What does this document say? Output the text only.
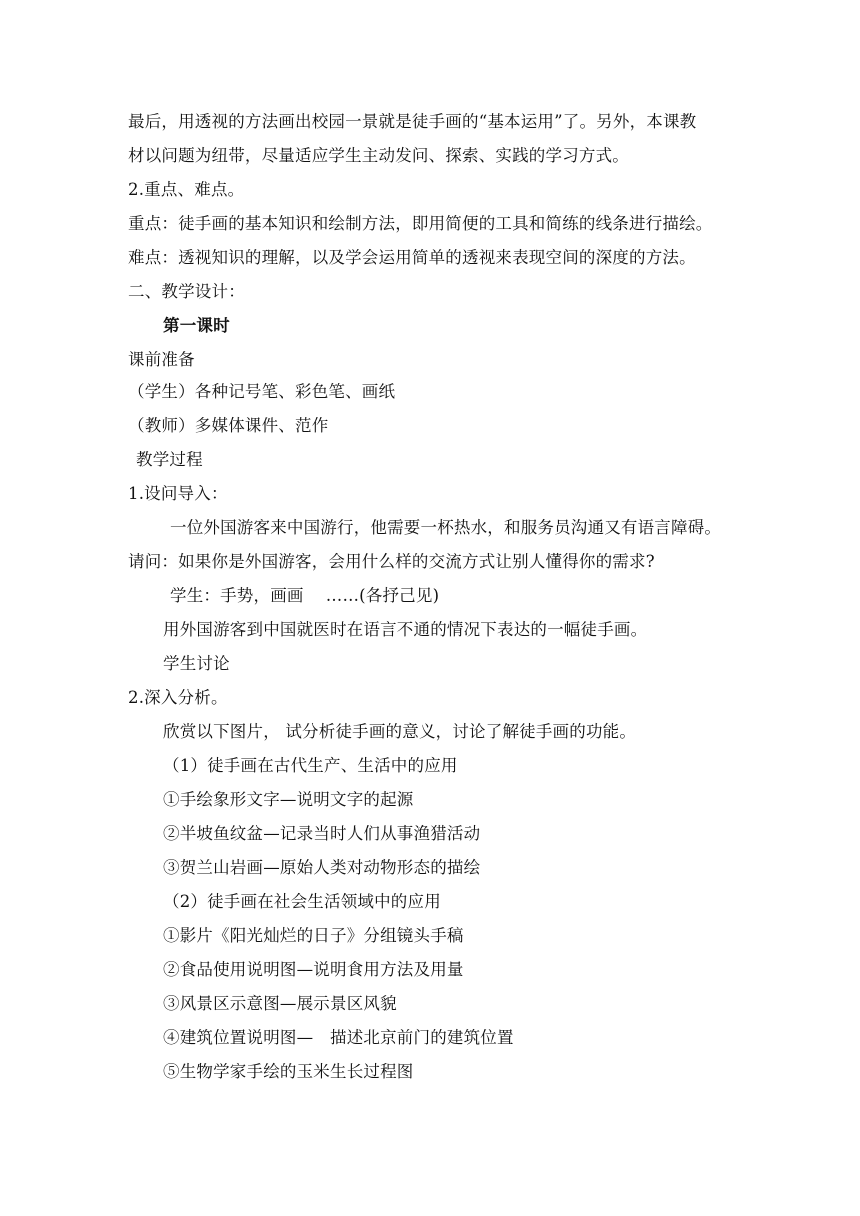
最后，用透视的方法画出校园一景就是徒手画的“基本运用”了。另外，本课教
材以问题为纽带，尽量适应学生主动发问、探索、实践的学习方式。
2.重点、难点。
重点：徒手画的基本知识和绘制方法，即用简便的工具和简练的线条进行描绘。
难点：透视知识的理解，以及学会运用简单的透视来表现空间的深度的方法。
二、教学设计：
第一课时
课前准备
（学生）各种记号笔、彩色笔、画纸
（教师）多媒体课件、范作
教学过程
1.设问导入：
一位外国游客来中国游行，他需要一杯热水，和服务员沟通又有语言障碍。
请问：如果你是外国游客，会用什么样的交流方式让别人懂得你的需求?
学生：手势，画画　 ……(各抒己见)
用外国游客到中国就医时在语言不通的情况下表达的一幅徒手画。
学生讨论
2.深入分析。
欣赏以下图片， 试分析徒手画的意义，讨论了解徒手画的功能。
（1）徒手画在古代生产、生活中的应用
①手绘象形文字—说明文字的起源
②半坡鱼纹盆—记录当时人们从事渔猎活动
③贺兰山岩画—原始人类对动物形态的描绘
（2）徒手画在社会生活领域中的应用
①影片《阳光灿烂的日子》分组镜头手稿
②食品使用说明图—说明食用方法及用量
③风景区示意图—展示景区风貌
④建筑位置说明图—　描述北京前门的建筑位置
⑤生物学家手绘的玉米生长过程图
